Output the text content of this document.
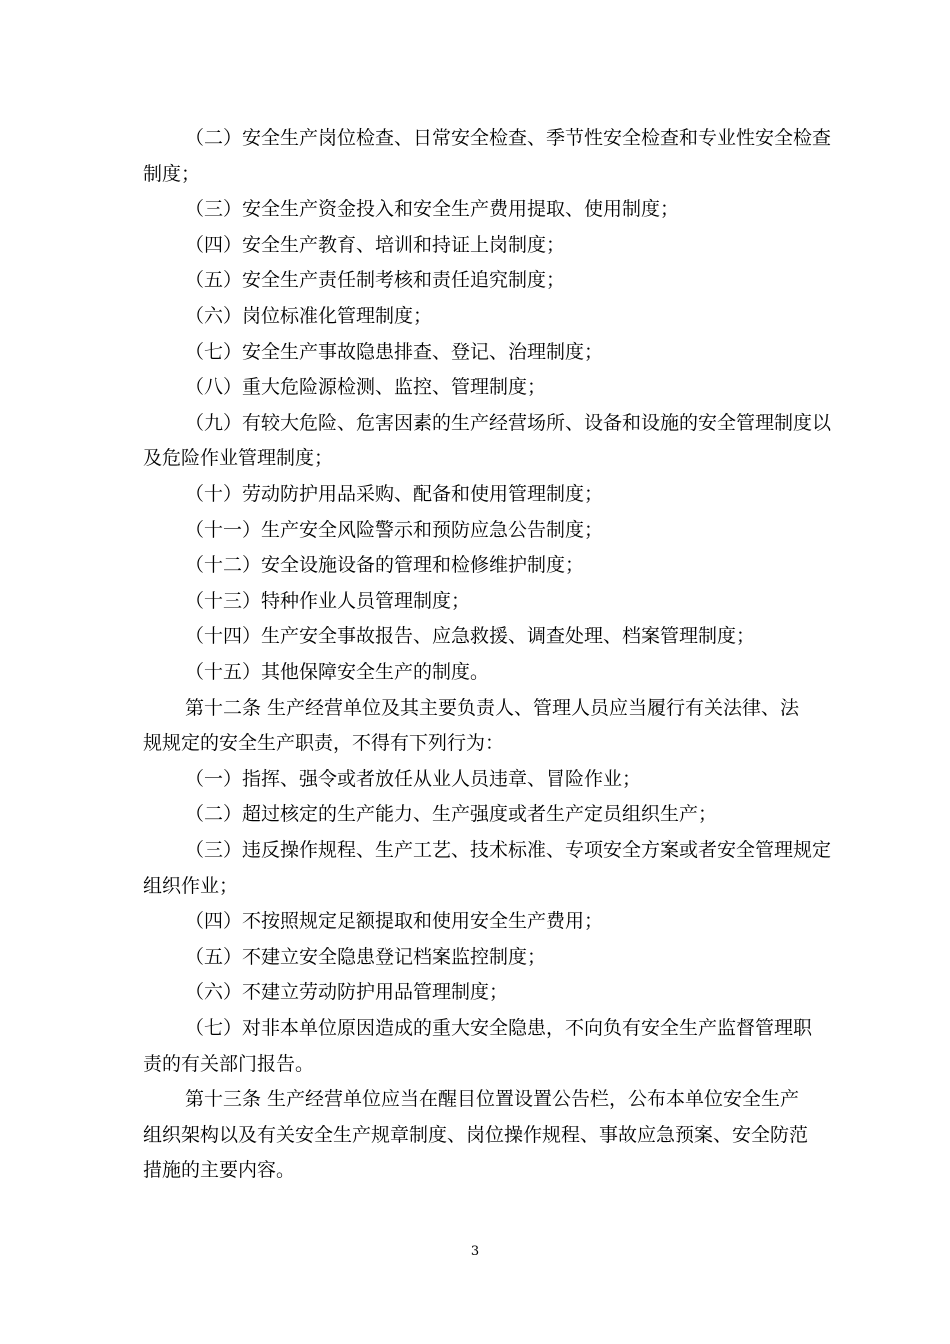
（二）安全生产岗位检查、日常安全检查、季节性安全检查和专业性安全检查
制度；
（三）安全生产资金投入和安全生产费用提取、使用制度；
（四）安全生产教育、培训和持证上岗制度；
（五）安全生产责任制考核和责任追究制度；
（六）岗位标准化管理制度；
（七）安全生产事故隐患排查、登记、治理制度；
（八）重大危险源检测、监控、管理制度；
（九）有较大危险、危害因素的生产经营场所、设备和设施的安全管理制度以
及危险作业管理制度；
（十）劳动防护用品采购、配备和使用管理制度；
（十一）生产安全风险警示和预防应急公告制度；
（十二）安全设施设备的管理和检修维护制度；
（十三）特种作业人员管理制度；
（十四）生产安全事故报告、应急救援、调查处理、档案管理制度；
（十五）其他保障安全生产的制度。
第十二条 生产经营单位及其主要负责人、管理人员应当履行有关法律、法
规规定的安全生产职责，不得有下列行为：
（一）指挥、强令或者放任从业人员违章、冒险作业；
（二）超过核定的生产能力、生产强度或者生产定员组织生产；
（三）违反操作规程、生产工艺、技术标准、专项安全方案或者安全管理规定
组织作业；
（四）不按照规定足额提取和使用安全生产费用；
（五）不建立安全隐患登记档案监控制度；
（六）不建立劳动防护用品管理制度；
（七）对非本单位原因造成的重大安全隐患，不向负有安全生产监督管理职
责的有关部门报告。
第十三条 生产经营单位应当在醒目位置设置公告栏，公布本单位安全生产
组织架构以及有关安全生产规章制度、岗位操作规程、事故应急预案、安全防范
措施的主要内容。
3
